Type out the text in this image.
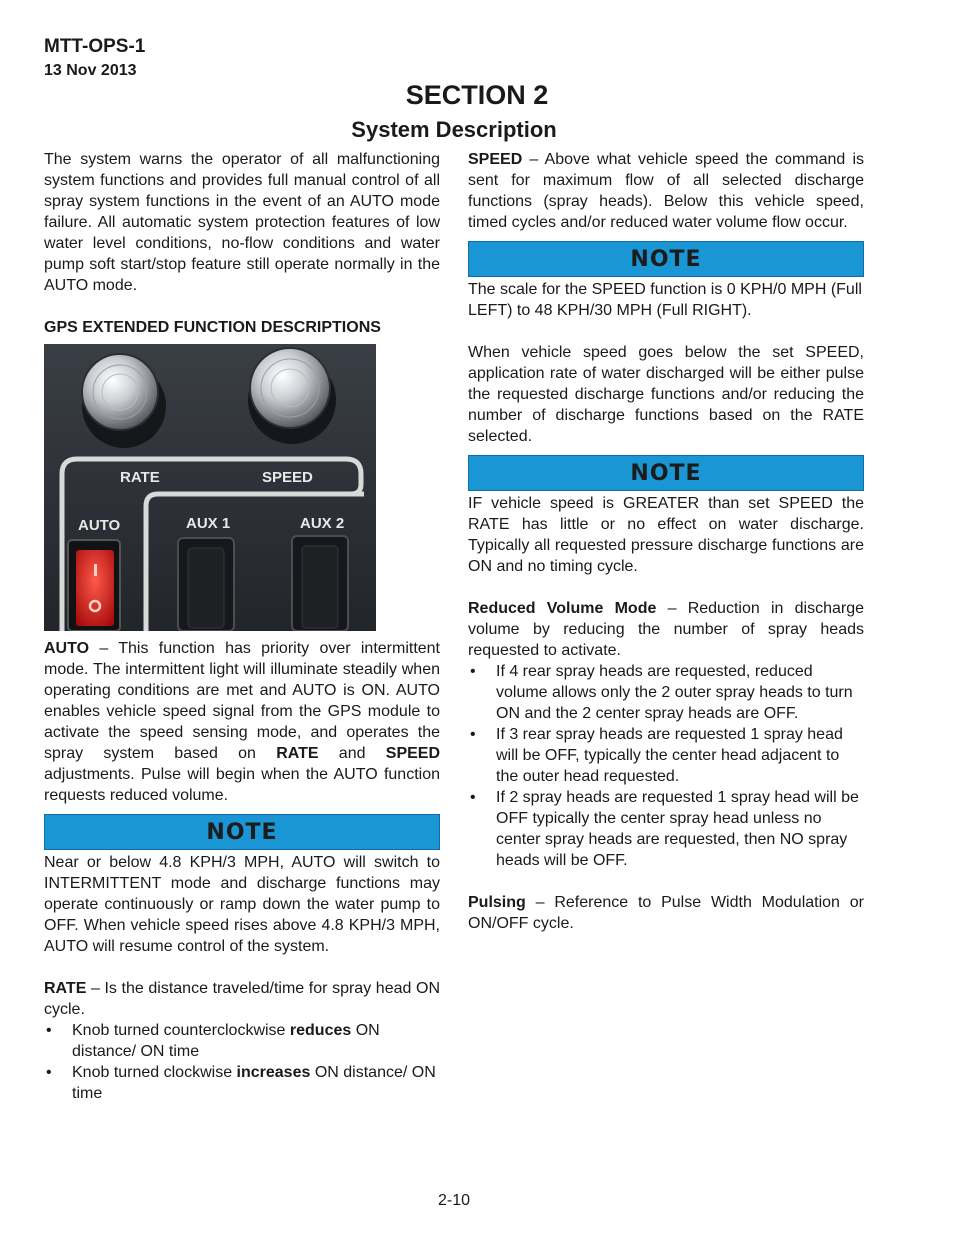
MTT-OPS-1
13 Nov 2013
SECTION 2
System Description

The system warns the operator of all malfunctioning system functions and provides full manual control of all spray system functions in the event of an AUTO mode failure. All automatic system protection features of low water level conditions, no-flow conditions and water pump soft start/stop feature still operate normally in the AUTO mode.

GPS EXTENDED FUNCTION DESCRIPTIONS

RATE	SPEED
AUTO	AUX 1	AUX 2

AUTO – This function has priority over intermittent mode. The intermittent light will illuminate steadily when operating conditions are met and AUTO is ON. AUTO enables vehicle speed signal from the GPS module to activate the speed sensing mode, and operates the spray system based on RATE and SPEED adjustments. Pulse will begin when the AUTO function requests reduced volume.

NOTE

Near or below 4.8 KPH/3 MPH, AUTO will switch to INTERMITTENT mode and discharge functions may operate continuously or ramp down the water pump to OFF. When vehicle speed rises above 4.8 KPH/3 MPH, AUTO will resume control of the system.

RATE – Is the distance traveled/time for spray head ON cycle.

• Knob turned counterclockwise reduces ON distance/ ON time
• Knob turned clockwise increases ON distance/ ON time

SPEED – Above what vehicle speed the command is sent for maximum flow of all selected discharge functions (spray heads). Below this vehicle speed, timed cycles and/or reduced water volume flow occur.

NOTE

The scale for the SPEED function is 0 KPH/0 MPH (Full LEFT) to 48 KPH/30 MPH (Full RIGHT).

When vehicle speed goes below the set SPEED, application rate of water discharged will be either pulse the requested discharge functions and/or reducing the number of discharge functions based on the RATE selected.

NOTE

IF vehicle speed is GREATER than set SPEED the RATE has little or no effect on water discharge. Typically all requested pressure discharge functions are ON and no timing cycle.

Reduced Volume Mode – Reduction in discharge volume by reducing the number of spray heads requested to activate.

• If 4 rear spray heads are requested, reduced volume allows only the 2 outer spray heads to turn ON and the 2 center spray heads are OFF.
• If 3 rear spray heads are requested 1 spray head will be OFF, typically the center head adjacent to the outer head requested.
• If 2 spray heads are requested 1 spray head will be OFF typically the center spray head unless no center spray heads are requested, then NO spray heads will be OFF.

Pulsing – Reference to Pulse Width Modulation or ON/OFF cycle.

2-10
